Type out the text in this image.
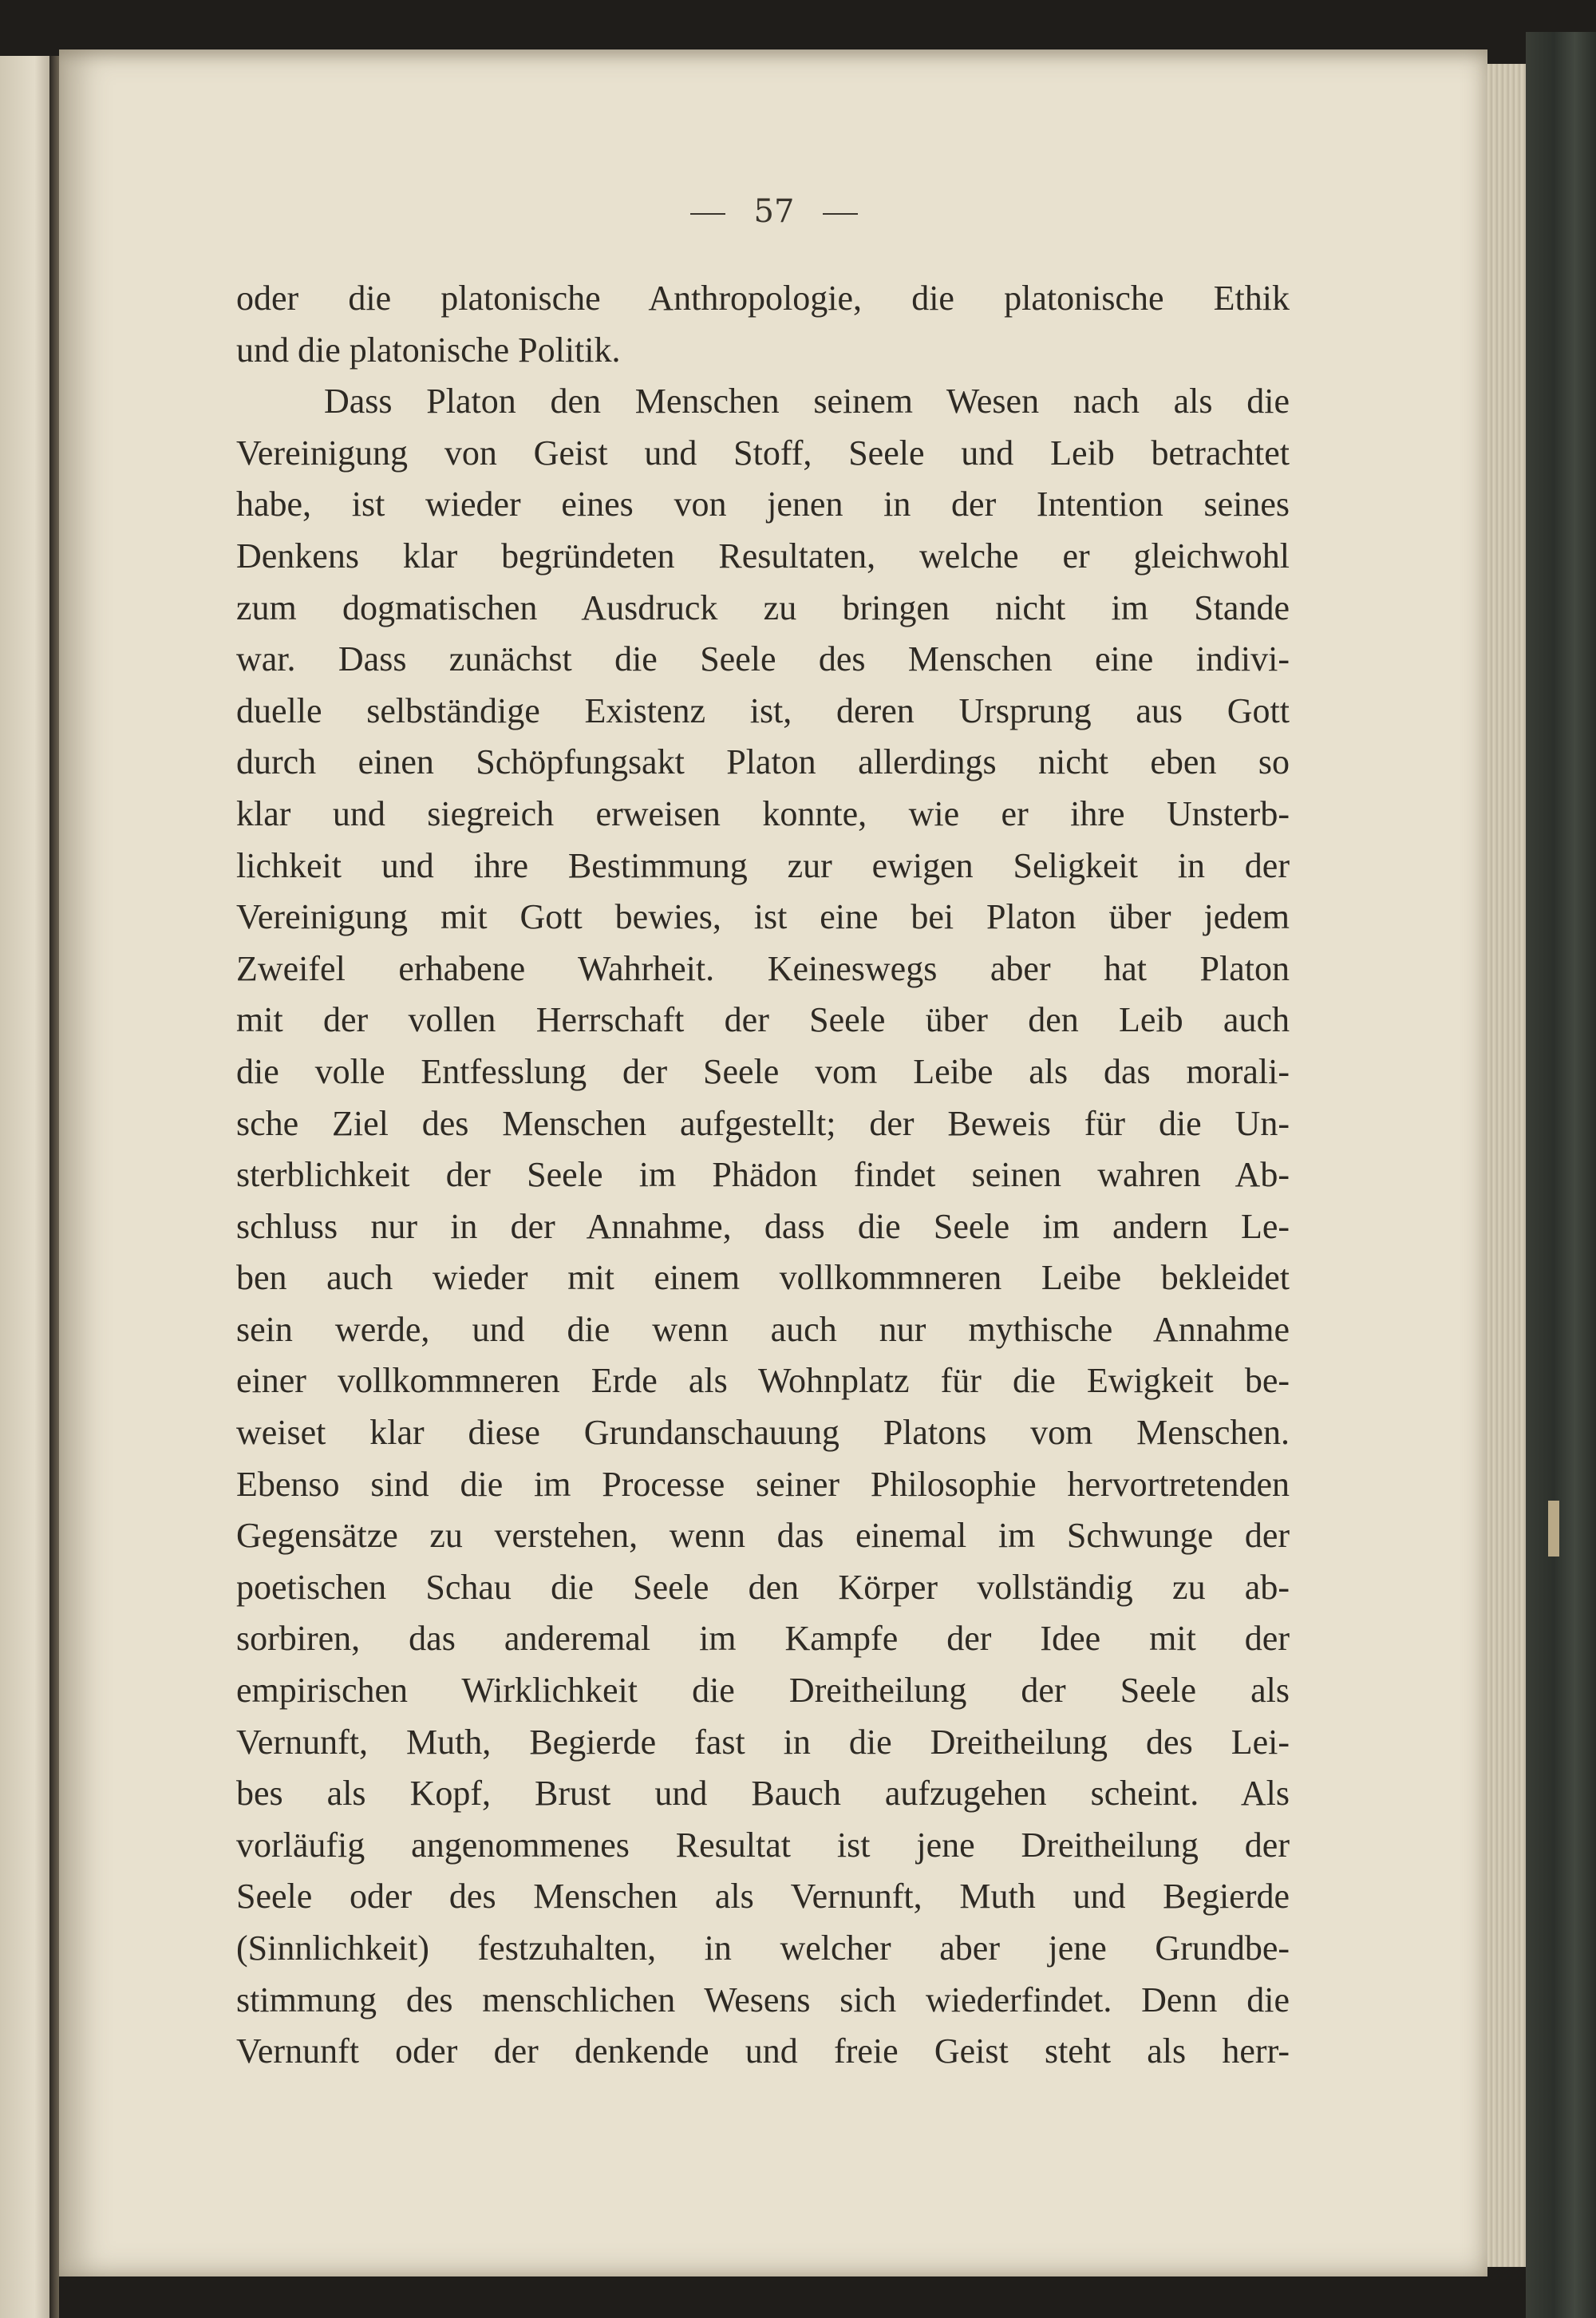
57
oder die platonische Anthropologie, die platonische Ethik
und die platonische Politik.
Dass Platon den Menschen seinem Wesen nach als die
Vereinigung von Geist und Stoff, Seele und Leib betrachtet
habe, ist wieder eines von jenen in der Intention seines
Denkens klar begründeten Resultaten, welche er gleichwohl
zum dogmatischen Ausdruck zu bringen nicht im Stande
war. Dass zunächst die Seele des Menschen eine indivi-
duelle selbständige Existenz ist, deren Ursprung aus Gott
durch einen Schöpfungsakt Platon allerdings nicht eben so
klar und siegreich erweisen konnte, wie er ihre Unsterb-
lichkeit und ihre Bestimmung zur ewigen Seligkeit in der
Vereinigung mit Gott bewies, ist eine bei Platon über jedem
Zweifel erhabene Wahrheit. Keineswegs aber hat Platon
mit der vollen Herrschaft der Seele über den Leib auch
die volle Entfesslung der Seele vom Leibe als das morali-
sche Ziel des Menschen aufgestellt; der Beweis für die Un-
sterblichkeit der Seele im Phädon findet seinen wahren Ab-
schluss nur in der Annahme, dass die Seele im andern Le-
ben auch wieder mit einem vollkommneren Leibe bekleidet
sein werde, und die wenn auch nur mythische Annahme
einer vollkommneren Erde als Wohnplatz für die Ewigkeit be-
weiset klar diese Grundanschauung Platons vom Menschen.
Ebenso sind die im Processe seiner Philosophie hervortretenden
Gegensätze zu verstehen, wenn das einemal im Schwunge der
poetischen Schau die Seele den Körper vollständig zu ab-
sorbiren, das anderemal im Kampfe der Idee mit der
empirischen Wirklichkeit die Dreitheilung der Seele als
Vernunft, Muth, Begierde fast in die Dreitheilung des Lei-
bes als Kopf, Brust und Bauch aufzugehen scheint. Als
vorläufig angenommenes Resultat ist jene Dreitheilung der
Seele oder des Menschen als Vernunft, Muth und Begierde
(Sinnlichkeit) festzuhalten, in welcher aber jene Grundbe-
stimmung des menschlichen Wesens sich wiederfindet. Denn die
Vernunft oder der denkende und freie Geist steht als herr-
